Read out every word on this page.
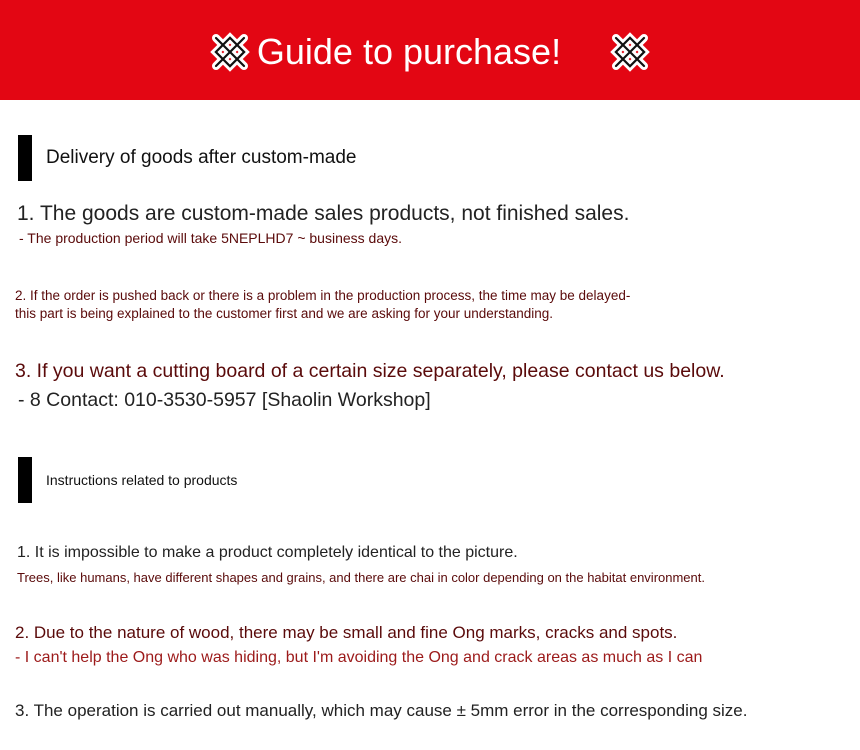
Guide to purchase!
Delivery of goods after custom-made
1. The goods are custom-made sales products, not finished sales.
- The production period will take 5NEPLHD7 ~ business days.
2. If the order is pushed back or there is a problem in the production process, the time may be delayed-
this part is being explained to the customer first and we are asking for your understanding.
3. If you want a cutting board of a certain size separately, please contact us below.
- 8 Contact: 010-3530-5957 [Shaolin Workshop]
Instructions related to products
1. It is impossible to make a product completely identical to the picture.
Trees, like humans, have different shapes and grains, and there are chai in color depending on the habitat environment.
2. Due to the nature of wood, there may be small and fine Ong marks, cracks and spots.
- I can't help the Ong who was hiding, but I'm avoiding the Ong and crack areas as much as I can
3. The operation is carried out manually, which may cause ± 5mm error in the corresponding size.
